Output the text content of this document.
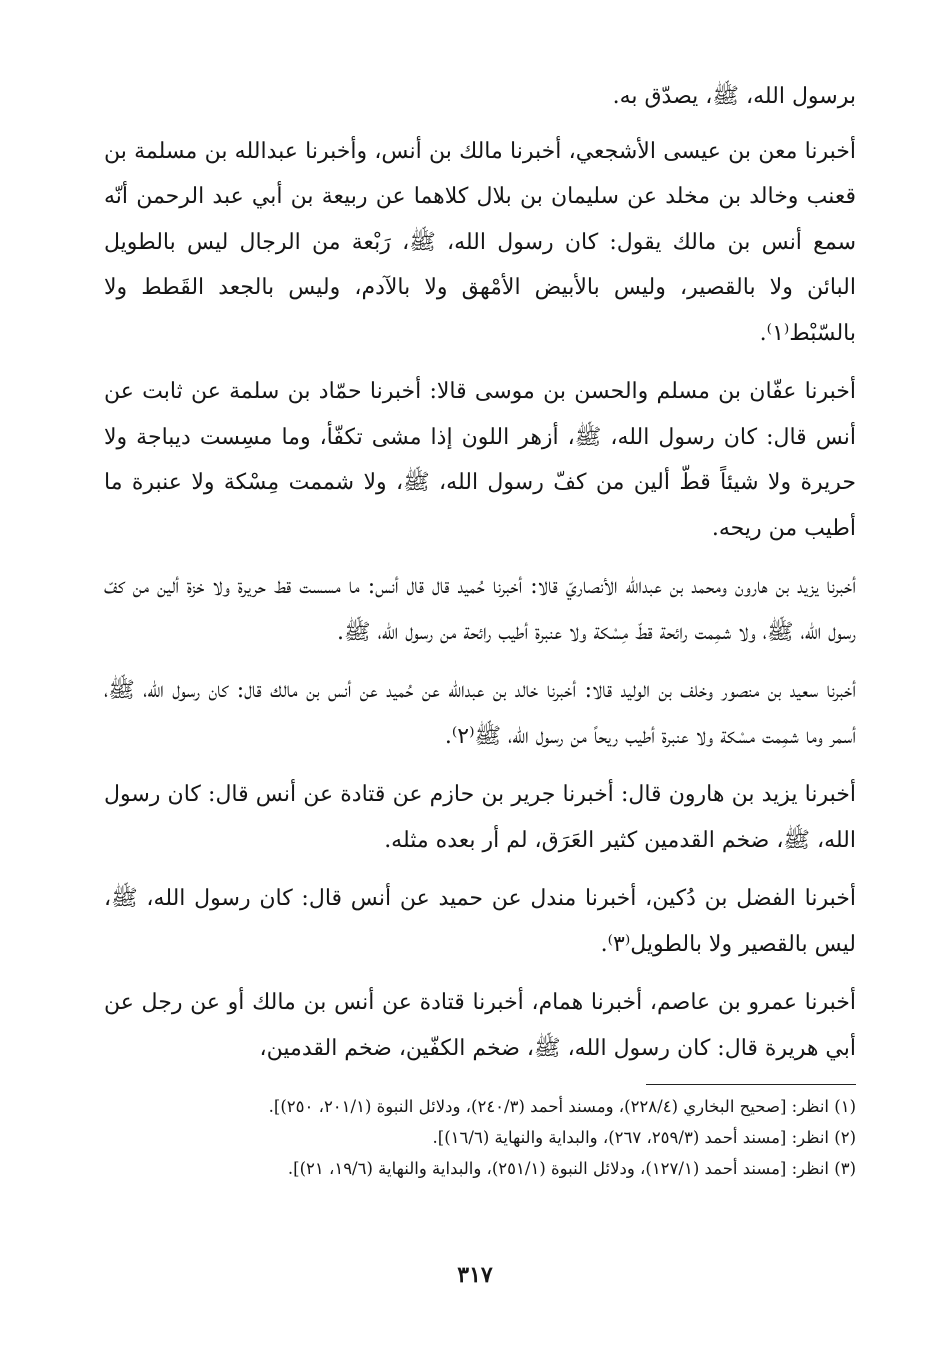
برسول الله، ﷺ، يصدّق به.

أخبرنا معن بن عيسى الأشجعي، أخبرنا مالك بن أنس، وأخبرنا عبدالله بن مسلمة بن قعنب وخالد بن مخلد عن سليمان بن بلال كلاهما عن ربيعة بن أبي عبد الرحمن أنّه سمع أنس بن مالك يقول: كان رسول الله، ﷺ، رَبْعة من الرجال ليس بالطويل البائن ولا بالقصير، وليس بالأبيض الأمْهق ولا بالآدم، وليس بالجعد القَطط ولا بالسّبْط⁽١⁾.

أخبرنا عفّان بن مسلم والحسن بن موسى قالا: أخبرنا حمّاد بن سلمة عن ثابت عن أنس قال: كان رسول الله، ﷺ، أزهر اللون إذا مشى تكفّأ، وما مسِست ديباجة ولا حريرة ولا شيئاً قطّ ألين من كفّ رسول الله، ﷺ، ولا شممت مِسْكة ولا عنبرة ما أطيب من ريحه.

أخبرنا يزيد بن هارون ومحمد بن عبدالله الأنصاريّ قالا: أخبرنا حُميد قال قال أنس: ما مسست قط حريرة ولا خزة ألين من كفّ رسول الله، ﷺ، ولا شمِمت رائحة قطّ مِسْكة ولا عنبرة أطيب رائحة من رسول الله، ﷺ.

أخبرنا سعيد بن منصور وخلف بن الوليد قالا: أخبرنا خالد بن عبدالله عن حُميد عن أنس بن مالك قال: كان رسول الله، ﷺ، أسمر وما شمِمت مسْكة ولا عنبرة أطيب ريحاً من رسول الله، ﷺ⁽٢⁾.

أخبرنا يزيد بن هارون قال: أخبرنا جرير بن حازم عن قتادة عن أنس قال: كان رسول الله، ﷺ، ضخم القدمين كثير العَرَق، لم أر بعده مثله.

أخبرنا الفضل بن دُكين، أخبرنا مندل عن حميد عن أنس قال: كان رسول الله، ﷺ، ليس بالقصير ولا بالطويل⁽٣⁾.

أخبرنا عمرو بن عاصم، أخبرنا همام، أخبرنا قتادة عن أنس بن مالك أو عن رجل عن أبي هريرة قال: كان رسول الله، ﷺ، ضخم الكفّين، ضخم القدمين،

(١) انظر: [صحيح البخاري (٢٢٨/٤)، ومسند أحمد (٢٤٠/٣)، ودلائل النبوة (٢٠١/١، ٢٥٠)].

(٢) انظر: [مسند أحمد (٢٥٩/٣، ٢٦٧)، والبداية والنهاية (١٦/٦)].

(٣) انظر: [مسند أحمد (١٢٧/١)، ودلائل النبوة (٢٥١/١)، والبداية والنهاية (١٩/٦، ٢١)].

٣١٧
